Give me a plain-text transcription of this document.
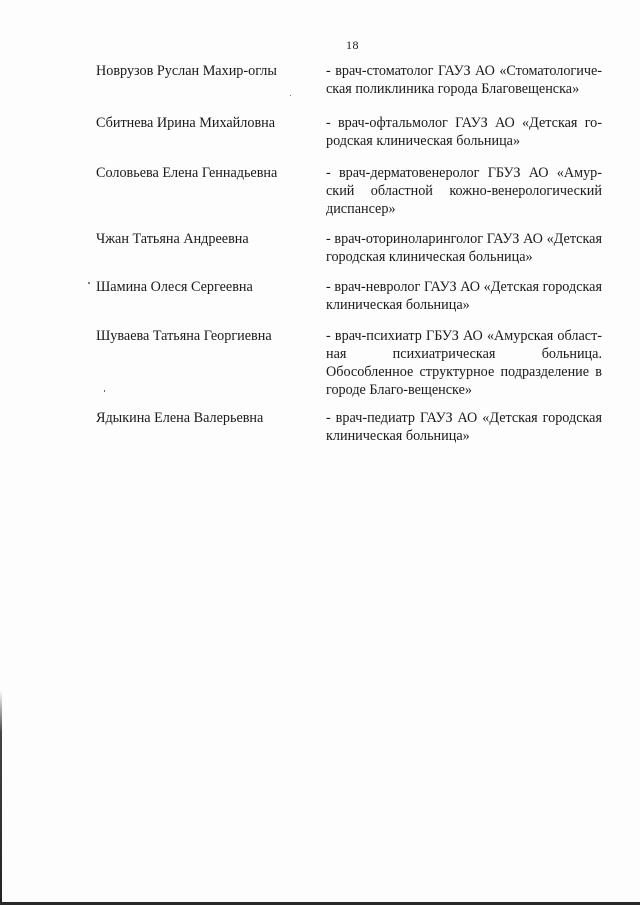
18
Новрузов Руслан Махир-оглы	- врач-стоматолог ГАУЗ АО «Стоматологиче-ская поликлиника города Благовещенска»
Сбитнева Ирина Михайловна	- врач-офтальмолог ГАУЗ АО «Детская го-родская клиническая больница»
Соловьева Елена Геннадьевна	- врач-дерматовенеролог ГБУЗ АО «Амур-ский областной кожно-венерологический диспансер»
Чжан Татьяна Андреевна	- врач-оториноларинголог ГАУЗ АО «Детская городская клиническая больница»
Шамина Олеся Сергеевна	- врач-невролог ГАУЗ АО «Детская городская клиническая больница»
Шуваева Татьяна Георгиевна	- врач-психиатр ГБУЗ АО «Амурская област-ная психиатрическая больница. Обособленное структурное подразделение в городе Благо-вещенске»
Ядыкина Елена Валерьевна	- врач-педиатр ГАУЗ АО «Детская городская клиническая больница»
